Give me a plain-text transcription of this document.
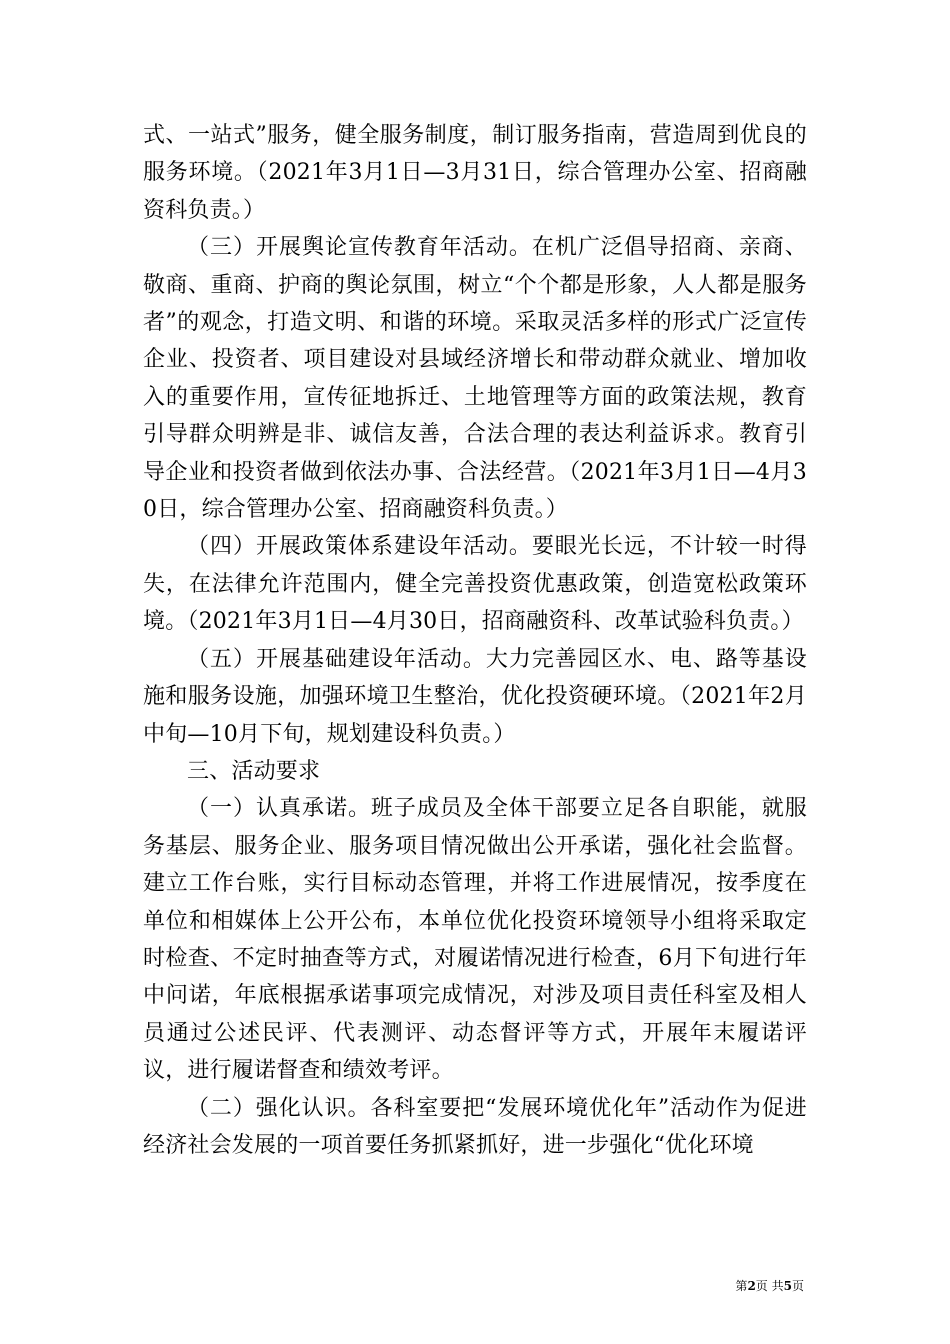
式、一站式”服务，健全服务制度，制订服务指南，营造周到优良的服务环境。（2021年3月1日—3月31日，综合管理办公室、招商融资科负责。）

（三）开展舆论宣传教育年活动。在机广泛倡导招商、亲商、敬商、重商、护商的舆论氛围，树立“个个都是形象，人人都是服务者”的观念，打造文明、和谐的环境。采取灵活多样的形式广泛宣传企业、投资者、项目建设对县域经济增长和带动群众就业、增加收入的重要作用，宣传征地拆迁、土地管理等方面的政策法规，教育引导群众明辨是非、诚信友善，合法合理的表达利益诉求。教育引导企业和投资者做到依法办事、合法经营。（2021年3月1日—4月30日，综合管理办公室、招商融资科负责。）

（四）开展政策体系建设年活动。要眼光长远，不计较一时得失，在法律允许范围内，健全完善投资优惠政策，创造宽松政策环境。（2021年3月1日—4月30日，招商融资科、改革试验科负责。）

（五）开展基础建设年活动。大力完善园区水、电、路等基设施和服务设施，加强环境卫生整治，优化投资硬环境。（2021年2月中旬—10月下旬，规划建设科负责。）

三、活动要求

（一）认真承诺。班子成员及全体干部要立足各自职能，就服务基层、服务企业、服务项目情况做出公开承诺，强化社会监督。建立工作台账，实行目标动态管理，并将工作进展情况，按季度在单位和相媒体上公开公布，本单位优化投资环境领导小组将采取定时检查、不定时抽查等方式，对履诺情况进行检查，6月下旬进行年中问诺，年底根据承诺事项完成情况，对涉及项目责任科室及相人员通过公述民评、代表测评、动态督评等方式，开展年末履诺评议，进行履诺督查和绩效考评。

（二）强化认识。各科室要把“发展环境优化年”活动作为促进经济社会发展的一项首要任务抓紧抓好，进一步强化“优化环境

第2页 共5页
